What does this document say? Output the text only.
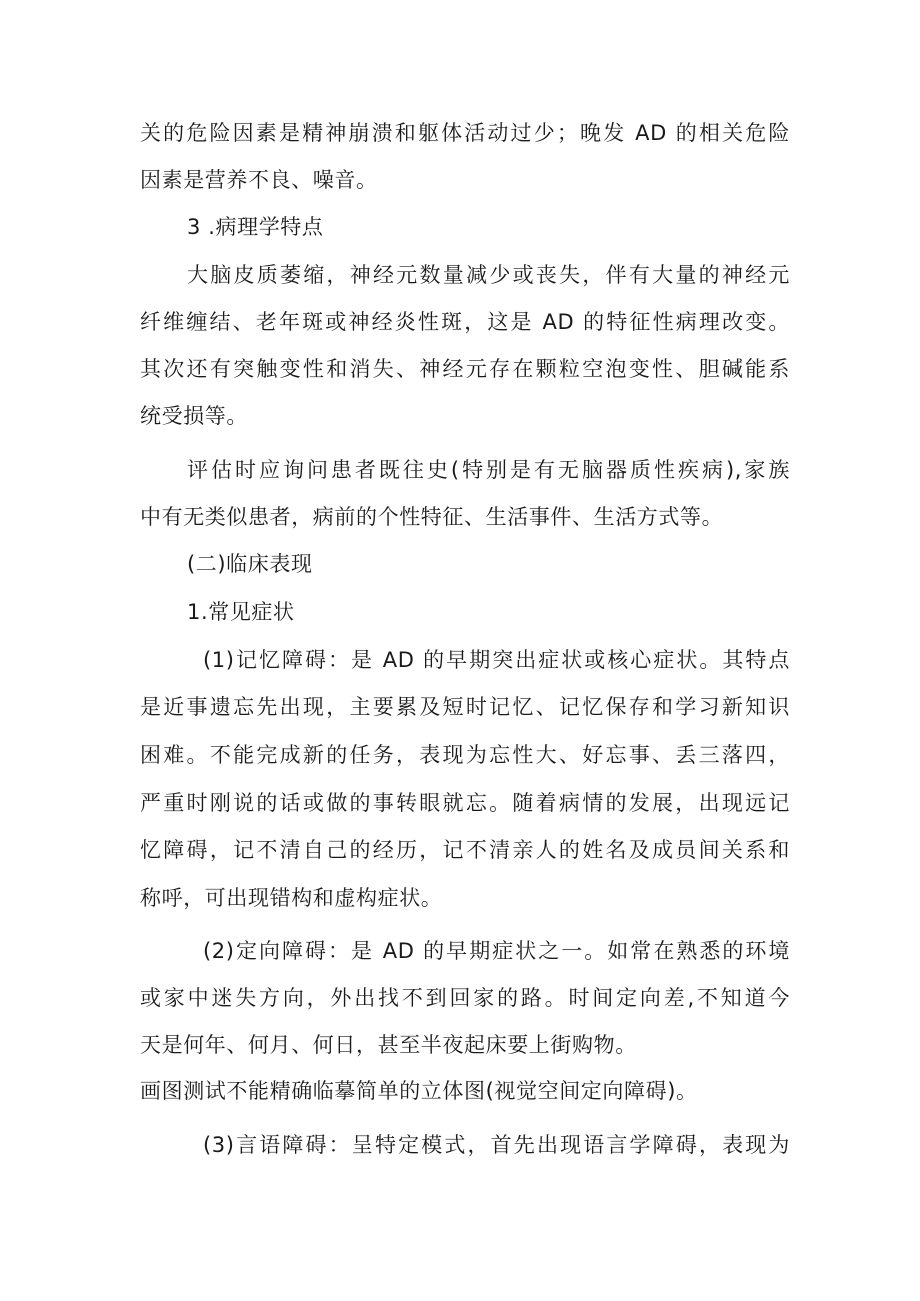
关的危险因素是精神崩溃和躯体活动过少；晚发 AD 的相关危险
因素是营养不良、噪音。
3 .病理学特点
大脑皮质萎缩，神经元数量减少或丧失，伴有大量的神经元
纤维缠结、老年斑或神经炎性斑，这是 AD 的特征性病理改变。
其次还有突触变性和消失、神经元存在颗粒空泡变性、胆碱能系
统受损等。
评估时应询问患者既往史(特别是有无脑器质性疾病),家族
中有无类似患者，病前的个性特征、生活事件、生活方式等。
(二)临床表现
1.常见症状
(1)记忆障碍：是 AD 的早期突出症状或核心症状。其特点
是近事遗忘先出现，主要累及短时记忆、记忆保存和学习新知识
困难。不能完成新的任务，表现为忘性大、好忘事、丢三落四，
严重时刚说的话或做的事转眼就忘。随着病情的发展，出现远记
忆障碍，记不清自己的经历，记不清亲人的姓名及成员间关系和
称呼，可出现错构和虚构症状。
(2)定向障碍：是 AD 的早期症状之一。如常在熟悉的环境
或家中迷失方向，外出找不到回家的路。时间定向差,不知道今
天是何年、何月、何日，甚至半夜起床要上街购物。
画图测试不能精确临摹简单的立体图(视觉空间定向障碍)。
(3)言语障碍：呈特定模式，首先出现语言学障碍，表现为
